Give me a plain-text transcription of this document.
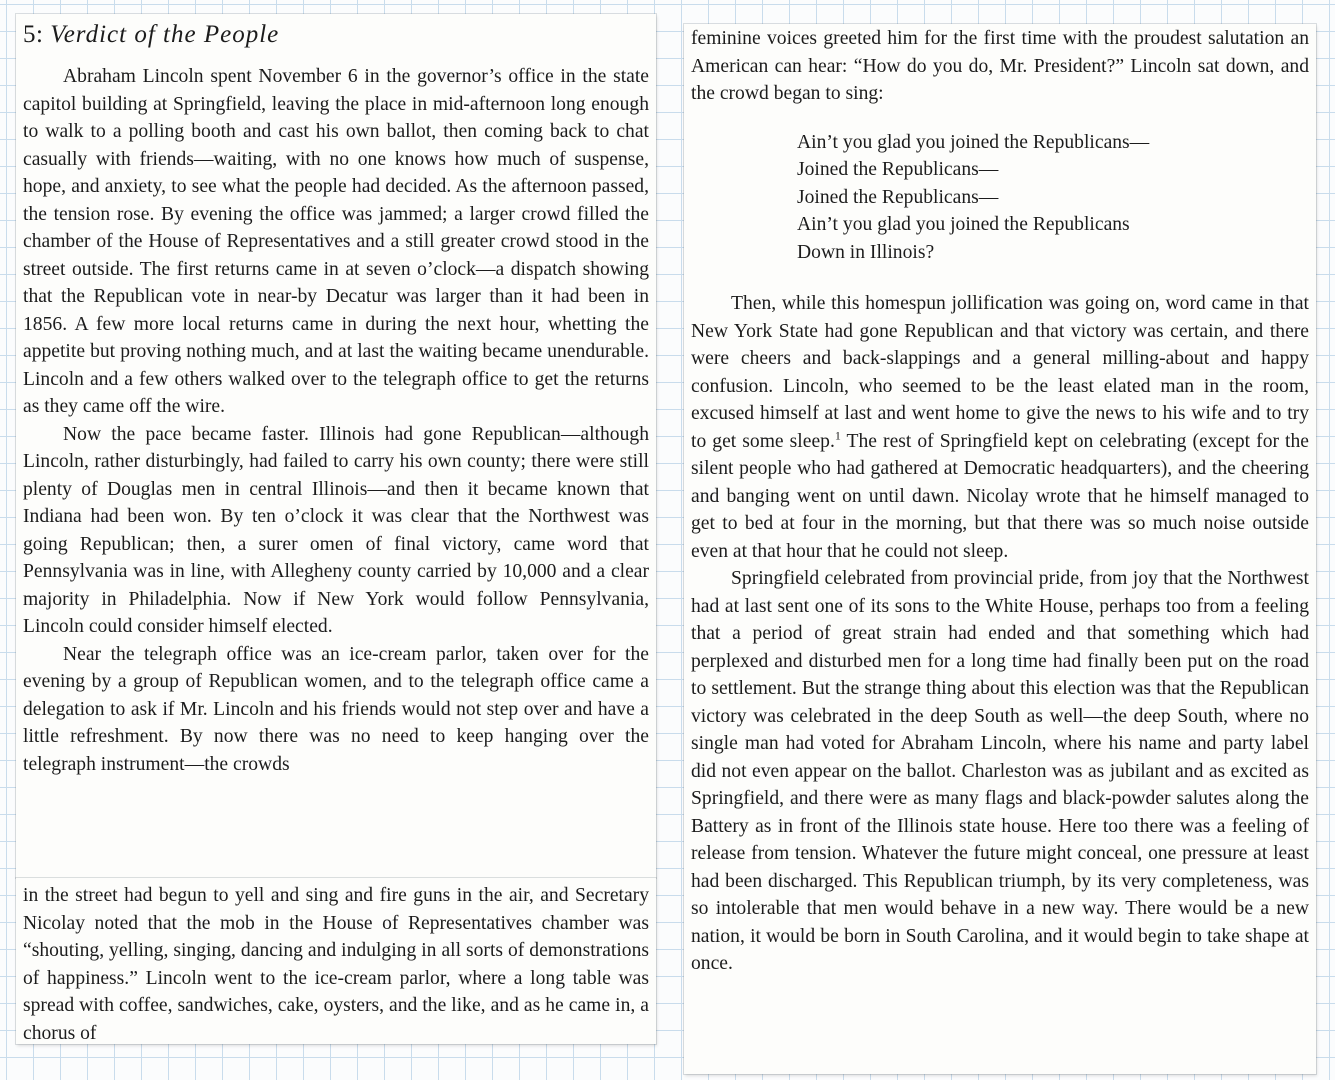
5: Verdict of the People

Abraham Lincoln spent November 6 in the governor’s office in the state capitol building at Springfield, leaving the place in mid-afternoon long enough to walk to a polling booth and cast his own ballot, then coming back to chat casually with friends—waiting, with no one knows how much of suspense, hope, and anxiety, to see what the people had decided. As the afternoon passed, the tension rose. By evening the office was jammed; a larger crowd filled the chamber of the House of Representatives and a still greater crowd stood in the street outside. The first returns came in at seven o’clock—a dispatch showing that the Republican vote in near-by Decatur was larger than it had been in 1856. A few more local returns came in during the next hour, whetting the appetite but proving nothing much, and at last the waiting became unendurable. Lincoln and a few others walked over to the telegraph office to get the returns as they came off the wire.

Now the pace became faster. Illinois had gone Republican—although Lincoln, rather disturbingly, had failed to carry his own county; there were still plenty of Douglas men in central Illinois—and then it became known that Indiana had been won. By ten o’clock it was clear that the Northwest was going Republican; then, a surer omen of final victory, came word that Pennsylvania was in line, with Allegheny county carried by 10,000 and a clear majority in Philadelphia. Now if New York would follow Pennsylvania, Lincoln could consider himself elected.

Near the telegraph office was an ice-cream parlor, taken over for the evening by a group of Republican women, and to the telegraph office came a delegation to ask if Mr. Lincoln and his friends would not step over and have a little refreshment. By now there was no need to keep hanging over the telegraph instrument—the crowds

in the street had begun to yell and sing and fire guns in the air, and Secretary Nicolay noted that the mob in the House of Representatives chamber was “shouting, yelling, singing, dancing and indulging in all sorts of demonstrations of happiness.” Lincoln went to the ice-cream parlor, where a long table was spread with coffee, sandwiches, cake, oysters, and the like, and as he came in, a chorus of

feminine voices greeted him for the first time with the proudest salutation an American can hear: “How do you do, Mr. President?” Lincoln sat down, and the crowd began to sing:

Ain’t you glad you joined the Republicans—
Joined the Republicans—
Joined the Republicans—
Ain’t you glad you joined the Republicans
Down in Illinois?

Then, while this homespun jollification was going on, word came in that New York State had gone Republican and that victory was certain, and there were cheers and back-slappings and a general milling-about and happy confusion. Lincoln, who seemed to be the least elated man in the room, excused himself at last and went home to give the news to his wife and to try to get some sleep.$^1$ The rest of Springfield kept on celebrating (except for the silent people who had gathered at Democratic headquarters), and the cheering and banging went on until dawn. Nicolay wrote that he himself managed to get to bed at four in the morning, but that there was so much noise outside even at that hour that he could not sleep.

Springfield celebrated from provincial pride, from joy that the Northwest had at last sent one of its sons to the White House, perhaps too from a feeling that a period of great strain had ended and that something which had perplexed and disturbed men for a long time had finally been put on the road to settlement. But the strange thing about this election was that the Republican victory was celebrated in the deep South as well—the deep South, where no single man had voted for Abraham Lincoln, where his name and party label did not even appear on the ballot. Charleston was as jubilant and as excited as Springfield, and there were as many flags and black-powder salutes along the Battery as in front of the Illinois state house. Here too there was a feeling of release from tension. Whatever the future might conceal, one pressure at least had been discharged. This Republican triumph, by its very completeness, was so intolerable that men would behave in a new way. There would be a new nation, it would be born in South Carolina, and it would begin to take shape at once.
